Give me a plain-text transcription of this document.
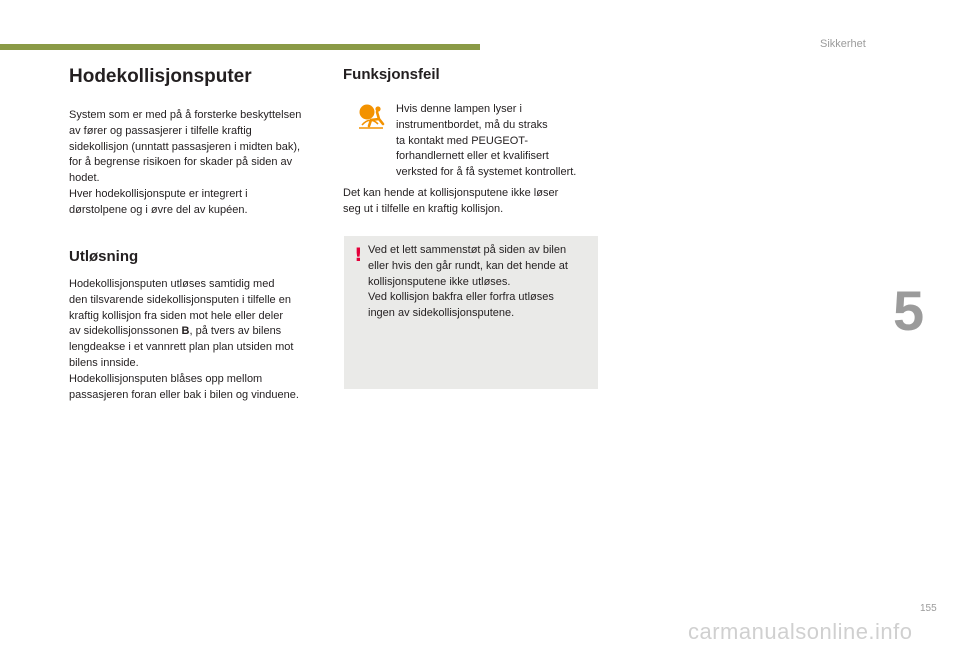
Sikkerhet
5
Hodekollisjonsputer

System som er med på å forsterke beskyttelsen
av fører og passasjerer i tilfelle kraftig
sidekollisjon (unntatt passasjeren i midten bak),
for å begrense risikoen for skader på siden av
hodet.
Hver hodekollisjonspute er integrert i
dørstolpene og i øvre del av kupéen.

Utløsning

Hodekollisjonsputen utløses samtidig med
den tilsvarende sidekollisjonsputen i tilfelle en
kraftig kollisjon fra siden mot hele eller deler
av sidekollisjonssonen B, på tvers av bilens
lengdeakse i et vannrett plan plan utsiden mot
bilens innside.
Hodekollisjonsputen blåses opp mellom
passasjeren foran eller bak i bilen og vinduene.

Funksjonsfeil

Hvis denne lampen lyser i
instrumentbordet, må du straks
ta kontakt med PEUGEOT-
forhandlernett eller et kvalifisert
verksted for å få systemet kontrollert.

Det kan hende at kollisjonsputene ikke løser
seg ut i tilfelle en kraftig kollisjon.

! Ved et lett sammenstøt på siden av bilen
eller hvis den går rundt, kan det hende at
kollisjonsputene ikke utløses.
Ved kollisjon bakfra eller forfra utløses
ingen av sidekollisjonsputene.

155
carmanualsonline.info
